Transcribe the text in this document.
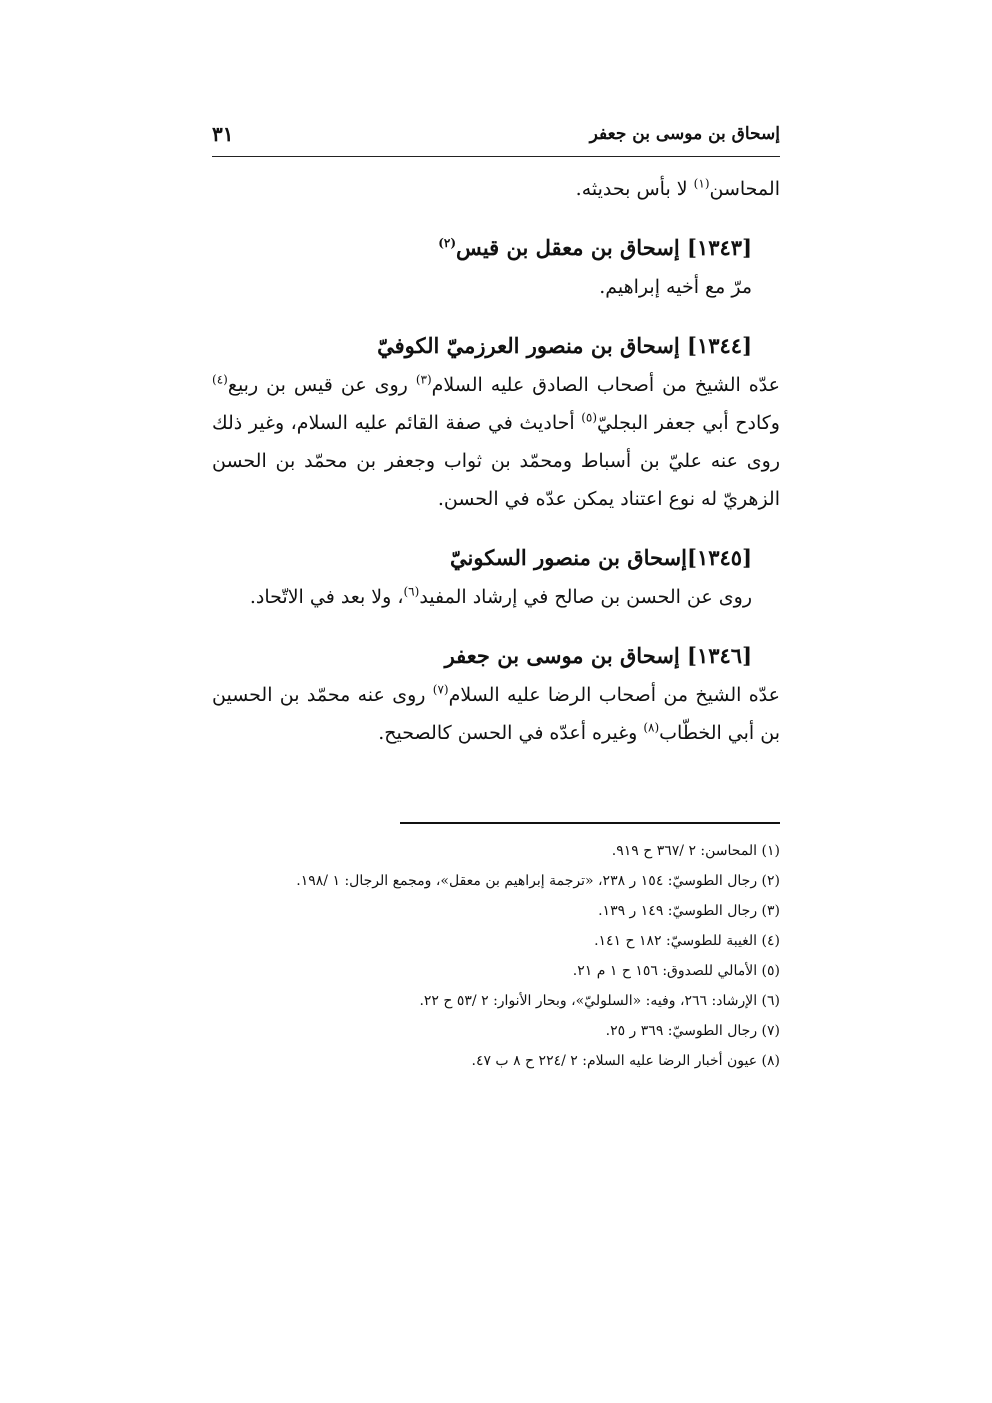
إسحاق بن موسى بن جعفر
٣١

المحاسن$^{(١)}$ لا بأس بحديثه.

[١٣٤٣] إسحاق بن معقل بن قيس$^{(٢)}$

مرّ مع أخيه إبراهيم.

[١٣٤٤] إسحاق بن منصور العرزميّ الكوفيّ

عدّه الشيخ من أصحاب الصادق عليه السلام$^{(٣)}$ روى عن قيس بن ربيع$^{(٤)}$ وكادح أبي جعفر البجليّ$^{(٥)}$ أحاديث في صفة القائم عليه السلام، وغير ذلك روى عنه عليّ بن أسباط ومحمّد بن ثواب وجعفر بن محمّد بن الحسن الزهريّ له نوع اعتناد يمكن عدّه في الحسن.

[١٣٤٥]إسحاق بن منصور السكونيّ

روى عن الحسن بن صالح في إرشاد المفيد$^{(٦)}$، ولا بعد في الاتّحاد.

[١٣٤٦] إسحاق بن موسى بن جعفر

عدّه الشيخ من أصحاب الرضا عليه السلام$^{(٧)}$ روى عنه محمّد بن الحسين بن أبي الخطّاب$^{(٨)}$ وغيره أعدّه في الحسن كالصحيح.

(١) المحاسن: ٢ /٣٦٧ ح ٩١٩.

(٢) رجال الطوسيّ: ١٥٤ ر ٢٣٨، «ترجمة إبراهيم بن معقل»، ومجمع الرجال: ١ /١٩٨.

(٣) رجال الطوسيّ: ١٤٩ ر ١٣٩.

(٤) الغيبة للطوسيّ: ١٨٢ ح ١٤١.

(٥) الأمالي للصدوق: ١٥٦ ح ١ م ٢١.

(٦) الإرشاد: ٢٦٦، وفيه: «السلوليّ»، وبحار الأنوار: ٢ /٥٣ ح ٢٢.

(٧) رجال الطوسيّ: ٣٦٩ ر ٢٥.

(٨) عيون أخبار الرضا عليه السلام: ٢ /٢٢٤ ح ٨ ب ٤٧.
